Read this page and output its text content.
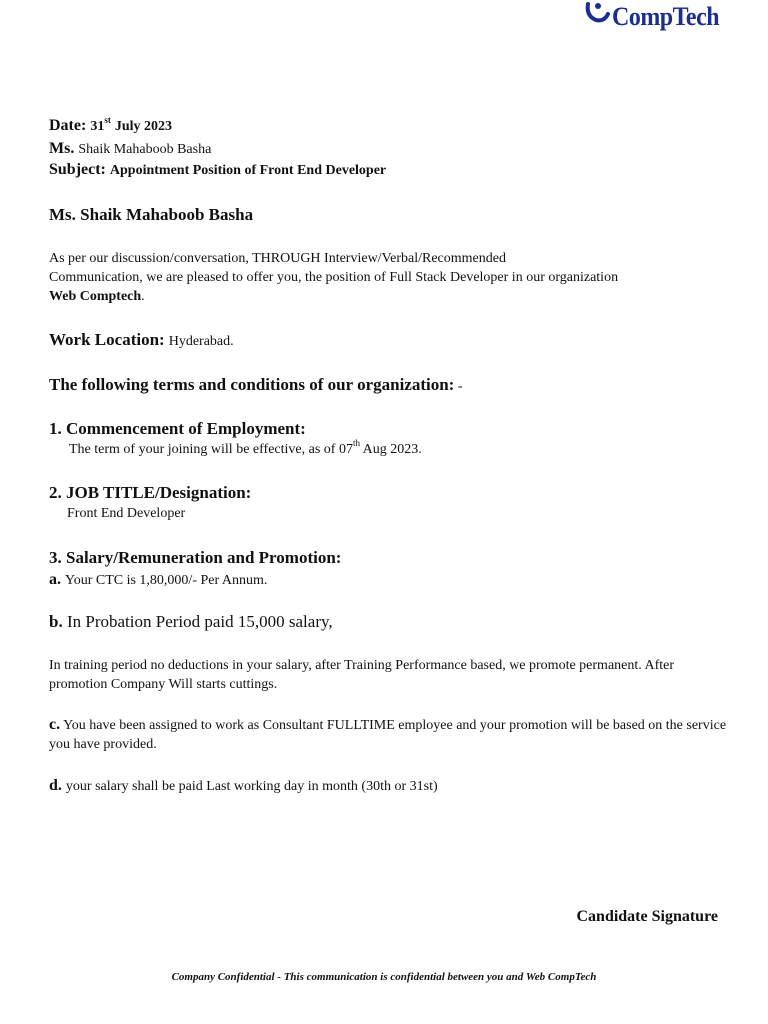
CompTech
Date: 31st July 2023
Ms. Shaik Mahaboob Basha
Subject: Appointment Position of Front End Developer
Ms. Shaik Mahaboob Basha
As per our discussion/conversation, THROUGH Interview/Verbal/Recommended
Communication, we are pleased to offer you, the position of Full Stack Developer in our organization
Web Comptech.
Work Location: Hyderabad.
The following terms and conditions of our organization: -
1. Commencement of Employment:
The term of your joining will be effective, as of 07th Aug 2023.
2. JOB TITLE/Designation:
Front End Developer
3. Salary/Remuneration and Promotion:
a. Your CTC is 1,80,000/- Per Annum.
b. In Probation Period paid 15,000 salary,
In training period no deductions in your salary, after Training Performance based, we promote permanent. After promotion Company Will starts cuttings.
c. You have been assigned to work as Consultant FULLTIME employee and your promotion will be based on the service you have provided.
d. your salary shall be paid Last working day in month (30th or 31st)
Candidate Signature
Company Confidential - This communication is confidential between you and Web CompTech
